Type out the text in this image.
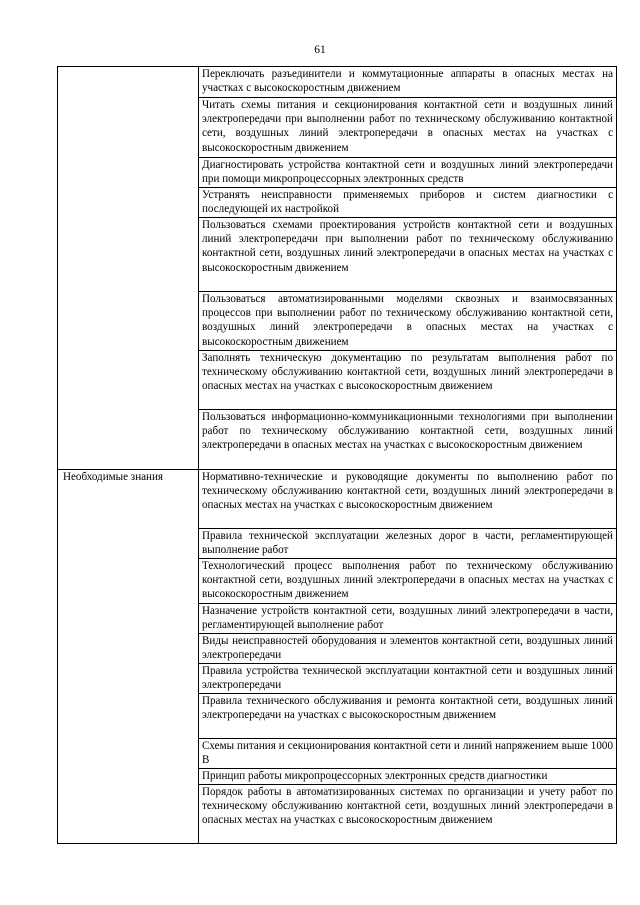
61
	Переключать разъединители и коммутационные аппараты в опасных местах на участках с высокоскоростным движением
	Читать схемы питания и секционирования контактной сети и воздушных линий электропередачи при выполнении работ по техническому обслуживанию контактной сети, воздушных линий электропередачи в опасных местах на участках с высокоскоростным движением
	Диагностировать устройства контактной сети и воздушных линий электропередачи при помощи микропроцессорных электронных средств
	Устранять неисправности применяемых приборов и систем диагностики с последующей их настройкой
	Пользоваться схемами проектирования устройств контактной сети и воздушных линий электропередачи при выполнении работ по техническому обслуживанию контактной сети, воздушных линий электропередачи в опасных местах на участках с высокоскоростным движением
	Пользоваться автоматизированными моделями сквозных и взаимосвязанных процессов при выполнении работ по техническому обслуживанию контактной сети, воздушных линий электропередачи в опасных местах на участках с высокоскоростным движением
	Заполнять техническую документацию по результатам выполнения работ по техническому обслуживанию контактной сети, воздушных линий электропередачи в опасных местах на участках с высокоскоростным движением
	Пользоваться информационно-коммуникационными технологиями при выполнении работ по техническому обслуживанию контактной сети, воздушных линий электропередачи в опасных местах на участках с высокоскоростным движением
Необходимые знания	Нормативно-технические и руководящие документы по выполнению работ по техническому обслуживанию контактной сети, воздушных линий электропередачи в опасных местах на участках с высокоскоростным движением
	Правила технической эксплуатации железных дорог в части, регламентирующей выполнение работ
	Технологический процесс выполнения работ по техническому обслуживанию контактной сети, воздушных линий электропередачи в опасных местах на участках с высокоскоростным движением
	Назначение устройств контактной сети, воздушных линий электропередачи в части, регламентирующей выполнение работ
	Виды неисправностей оборудования и элементов контактной сети, воздушных линий электропередачи
	Правила устройства технической эксплуатации контактной сети и воздушных линий электропередачи
	Правила технического обслуживания и ремонта контактной сети, воздушных линий электропередачи на участках с высокоскоростным движением
	Схемы питания и секционирования контактной сети и линий напряжением выше 1000 В
	Принцип работы микропроцессорных электронных средств диагностики
	Порядок работы в автоматизированных системах по организации и учету работ по техническому обслуживанию контактной сети, воздушных линий электропередачи в опасных местах на участках с высокоскоростным движением
